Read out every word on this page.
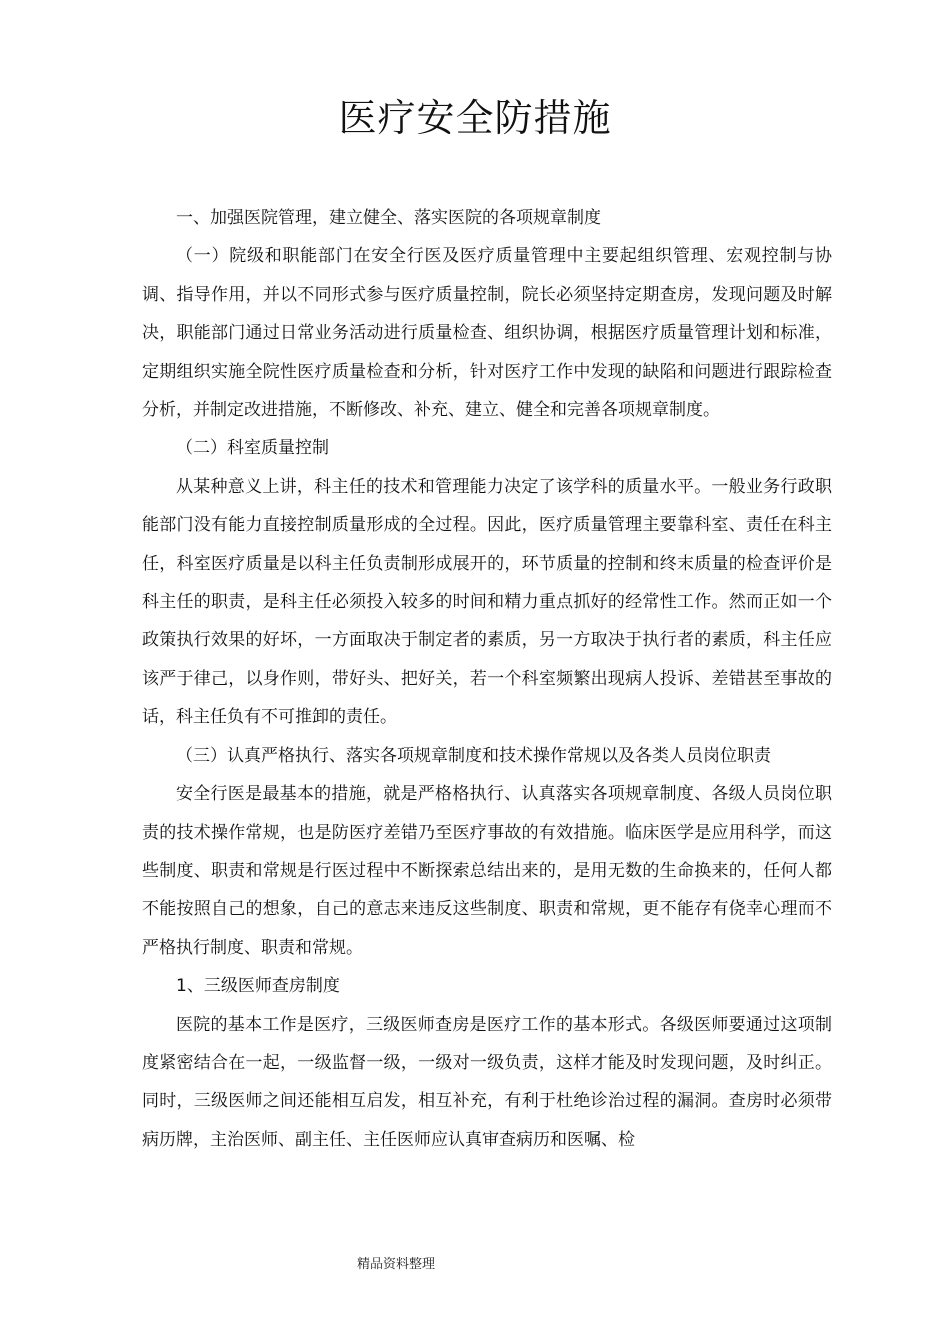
医疗安全防措施

一、加强医院管理，建立健全、落实医院的各项规章制度

（一）院级和职能部门在安全行医及医疗质量管理中主要起组织管理、宏观控制与协调、指导作用，并以不同形式参与医疗质量控制，院长必须坚持定期查房，发现问题及时解决，职能部门通过日常业务活动进行质量检查、组织协调，根据医疗质量管理计划和标准，定期组织实施全院性医疗质量检查和分析，针对医疗工作中发现的缺陷和问题进行跟踪检查分析，并制定改进措施，不断修改、补充、建立、健全和完善各项规章制度。

（二）科室质量控制

从某种意义上讲，科主任的技术和管理能力决定了该学科的质量水平。一般业务行政职能部门没有能力直接控制质量形成的全过程。因此，医疗质量管理主要靠科室、责任在科主任，科室医疗质量是以科主任负责制形成展开的，环节质量的控制和终末质量的检查评价是科主任的职责，是科主任必须投入较多的时间和精力重点抓好的经常性工作。然而正如一个政策执行效果的好坏，一方面取决于制定者的素质，另一方取决于执行者的素质，科主任应该严于律己，以身作则，带好头、把好关，若一个科室频繁出现病人投诉、差错甚至事故的话，科主任负有不可推卸的责任。

（三）认真严格执行、落实各项规章制度和技术操作常规以及各类人员岗位职责

安全行医是最基本的措施，就是严格格执行、认真落实各项规章制度、各级人员岗位职责的技术操作常规，也是防医疗差错乃至医疗事故的有效措施。临床医学是应用科学，而这些制度、职责和常规是行医过程中不断探索总结出来的，是用无数的生命换来的，任何人都不能按照自己的想象，自己的意志来违反这些制度、职责和常规，更不能存有侥幸心理而不严格执行制度、职责和常规。

1、三级医师查房制度

医院的基本工作是医疗，三级医师查房是医疗工作的基本形式。各级医师要通过这项制度紧密结合在一起，一级监督一级，一级对一级负责，这样才能及时发现问题，及时纠正。同时，三级医师之间还能相互启发，相互补充，有利于杜绝诊治过程的漏洞。查房时必须带病历牌，主治医师、副主任、主任医师应认真审查病历和医嘱、检

精品资料整理
